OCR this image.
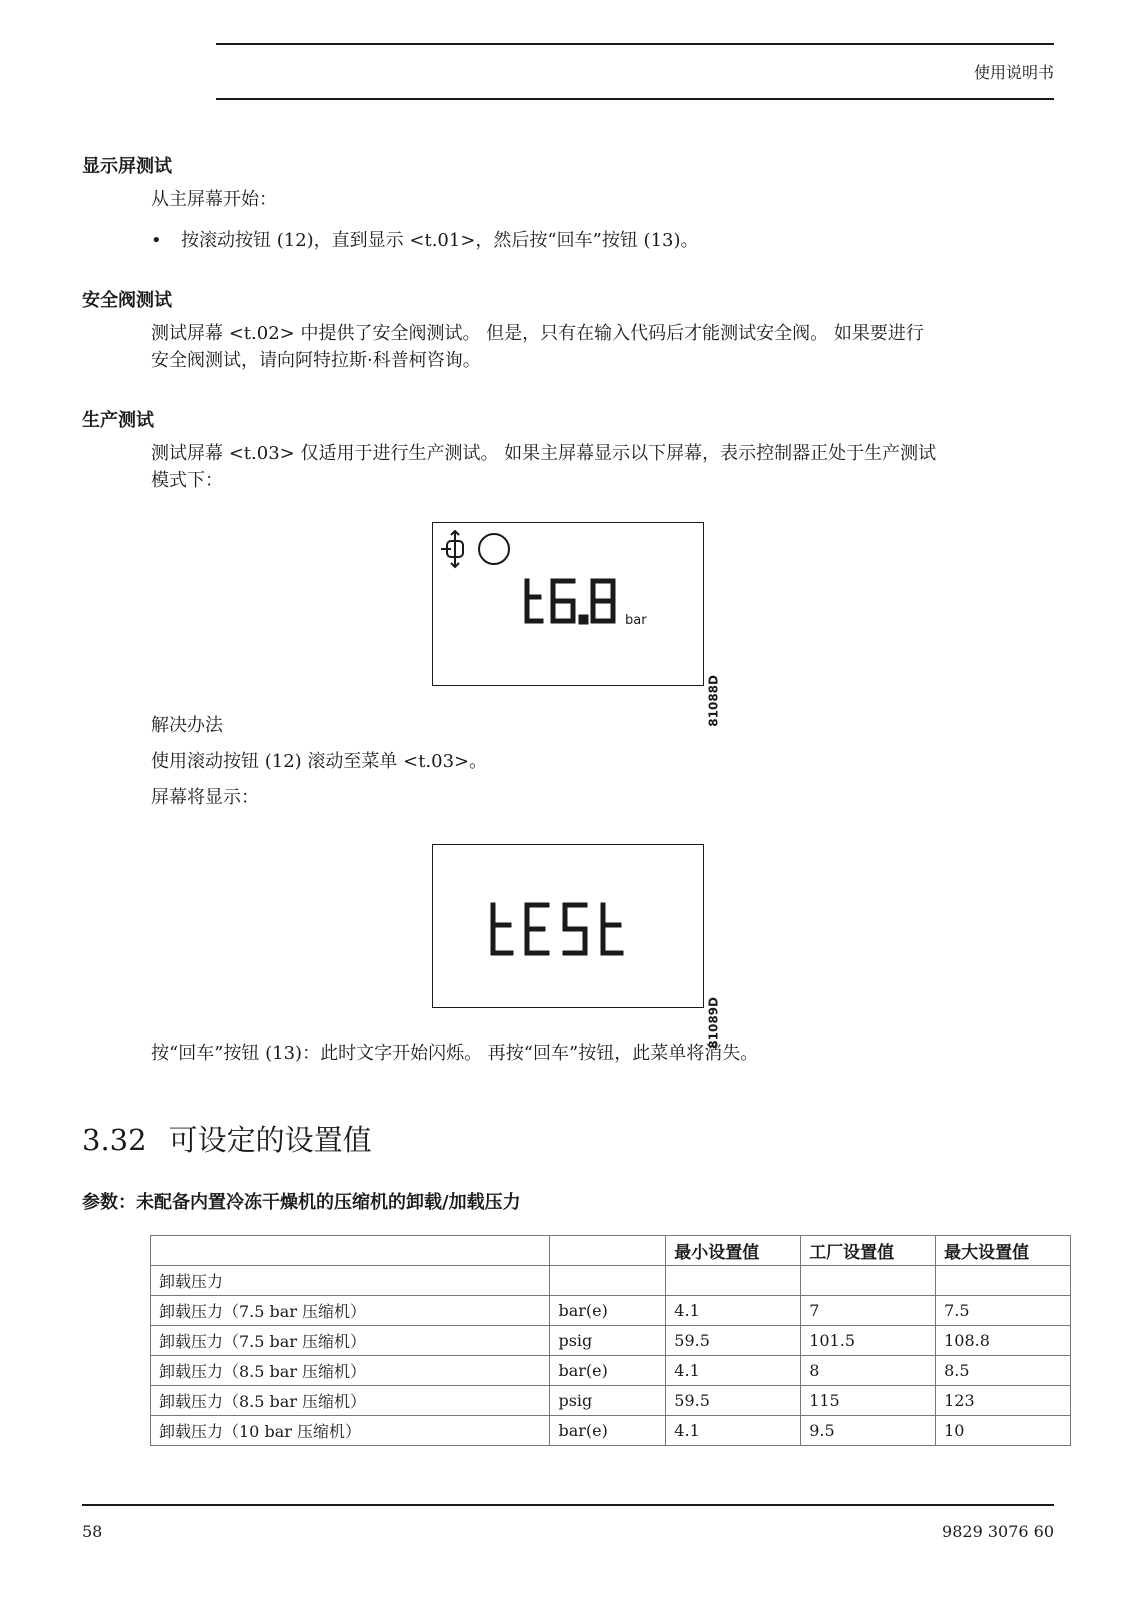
使用说明书
显示屏测试
从主屏幕开始：
• 按滚动按钮 (12)，直到显示 <t.01>，然后按“回车”按钮 (13)。
安全阀测试
测试屏幕 <t.02> 中提供了安全阀测试。 但是，只有在输入代码后才能测试安全阀。 如果要进行
安全阀测试，请向阿特拉斯·科普柯咨询。
生产测试
测试屏幕 <t.03> 仅适用于进行生产测试。 如果主屏幕显示以下屏幕，表示控制器正处于生产测试
模式下：
bar
81088D
解决办法
使用滚动按钮 (12) 滚动至菜单 <t.03>。
屏幕将显示：
81089D
按“回车”按钮 (13)：此时文字开始闪烁。 再按“回车”按钮，此菜单将消失。
3.32 可设定的设置值
参数：未配备内置冷冻干燥机的压缩机的卸载/加载压力
		最小设置值	工厂设置值	最大设置值
卸载压力				
卸载压力（7.5 bar 压缩机）	bar(e)	4.1	7	7.5
卸载压力（7.5 bar 压缩机）	psig	59.5	101.5	108.8
卸载压力（8.5 bar 压缩机）	bar(e)	4.1	8	8.5
卸载压力（8.5 bar 压缩机）	psig	59.5	115	123
卸载压力（10 bar 压缩机）	bar(e)	4.1	9.5	10
58	9829 3076 60
